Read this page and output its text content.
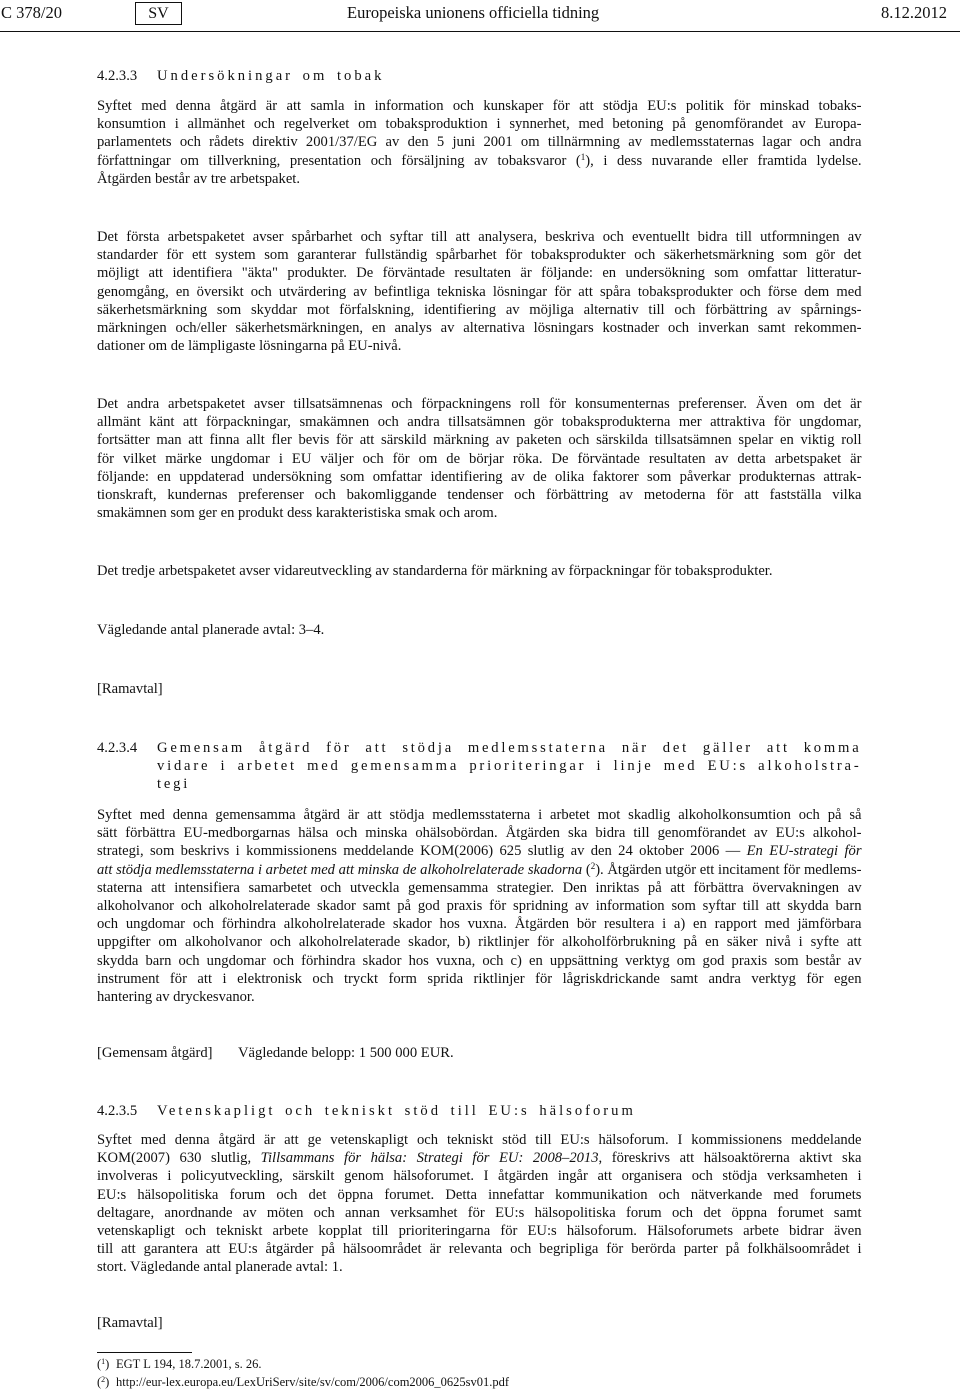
C 378/20	SV	Europeiska unionens officiella tidning	8.12.2012
4.2.3.3 Undersökningar om tobak
Syftet med denna åtgärd är att samla in information och kunskaper för att stödja EU:s politik för minskad tobaks-
konsumtion i allmänhet och regelverket om tobaksproduktion i synnerhet, med betoning på genomförandet av Europa-
parlamentets och rådets direktiv 2001/37/EG av den 5 juni 2001 om tillnärmning av medlemsstaternas lagar och andra
författningar om tillverkning, presentation och försäljning av tobaksvaror ($^1$), i dess nuvarande eller framtida lydelse.
Åtgärden består av tre arbetspaket.
Det första arbetspaketet avser spårbarhet och syftar till att analysera, beskriva och eventuellt bidra till utformningen av
standarder för ett system som garanterar fullständig spårbarhet för tobaksprodukter och säkerhetsmärkning som gör det
möjligt att identifiera "äkta" produkter. De förväntade resultaten är följande: en undersökning som omfattar litteratur-
genomgång, en översikt och utvärdering av befintliga tekniska lösningar för att spåra tobaksprodukter och förse dem med
säkerhetsmärkning som skyddar mot förfalskning, identifiering av möjliga alternativ till och förbättring av spårnings-
märkningen och/eller säkerhetsmärkningen, en analys av alternativa lösningars kostnader och inverkan samt rekommen-
dationer om de lämpligaste lösningarna på EU-nivå.
Det andra arbetspaketet avser tillsatsämnenas och förpackningens roll för konsumenternas preferenser. Även om det är
allmänt känt att förpackningar, smakämnen och andra tillsatsämnen gör tobaksprodukterna mer attraktiva för ungdomar,
fortsätter man att finna allt fler bevis för att särskild märkning av paketen och särskilda tillsatsämnen spelar en viktig roll
för vilket märke ungdomar i EU väljer och för om de börjar röka. De förväntade resultaten av detta arbetspaket är
följande: en uppdaterad undersökning som omfattar identifiering av de olika faktorer som påverkar produkternas attrak-
tionskraft, kundernas preferenser och bakomliggande tendenser och förbättring av metoderna för att fastställa vilka
smakämnen som ger en produkt dess karakteristiska smak och arom.
Det tredje arbetspaketet avser vidareutveckling av standarderna för märkning av förpackningar för tobaksprodukter.
Vägledande antal planerade avtal: 3–4.
[Ramavtal]
4.2.3.4 Gemensam åtgärd för att stödja medlemsstaterna när det gäller att komma
vidare i arbetet med gemensamma prioriteringar i linje med EU:s alkoholstra-
tegi
Syftet med denna gemensamma åtgärd är att stödja medlemsstaterna i arbetet mot skadlig alkoholkonsumtion och på så
sätt förbättra EU-medborgarnas hälsa och minska ohälsobördan. Åtgärden ska bidra till genomförandet av EU:s alkohol-
strategi, som beskrivs i kommissionens meddelande KOM(2006) 625 slutlig av den 24 oktober 2006 — En EU-strategi för
att stödja medlemsstaterna i arbetet med att minska de alkoholrelaterade skadorna ($^2$). Åtgärden utgör ett incitament för medlems-
staterna att intensifiera samarbetet och utveckla gemensamma strategier. Den inriktas på att förbättra övervakningen av
alkoholvanor och alkoholrelaterade skador samt på god praxis för spridning av information som syftar till att skydda barn
och ungdomar och förhindra alkoholrelaterade skador hos vuxna. Åtgärden bör resultera i a) en rapport med jämförbara
uppgifter om alkoholvanor och alkoholrelaterade skador, b) riktlinjer för alkoholförbrukning på en säker nivå i syfte att
skydda barn och ungdomar och förhindra skador hos vuxna, och c) en uppsättning verktyg om god praxis som består av
instrument för att i elektronisk och tryckt form sprida riktlinjer för lågriskdrickande samt andra verktyg för egen
hantering av dryckesvanor.
[Gemensam åtgärd] Vägledande belopp: 1 500 000 EUR.
4.2.3.5 Vetenskapligt och tekniskt stöd till EU:s hälsoforum
Syftet med denna åtgärd är att ge vetenskapligt och tekniskt stöd till EU:s hälsoforum. I kommissionens meddelande
KOM(2007) 630 slutlig, Tillsammans för hälsa: Strategi för EU: 2008–2013, föreskrivs att hälsoaktörerna aktivt ska
involveras i policyutveckling, särskilt genom hälsoforumet. I åtgärden ingår att organisera och stödja verksamheten i
EU:s hälsopolitiska forum och det öppna forumet. Detta innefattar kommunikation och nätverkande med forumets
deltagare, anordnande av möten och annan verksamhet för EU:s hälsopolitiska forum och det öppna forumet samt
vetenskapligt och tekniskt arbete kopplat till prioriteringarna för EU:s hälsoforum. Hälsoforumets arbete bidrar även
till att garantera att EU:s åtgärder på hälsoområdet är relevanta och begripliga för berörda parter på folkhälsoområdet i
stort. Vägledande antal planerade avtal: 1.
[Ramavtal]
($^1$) EGT L 194, 18.7.2001, s. 26.
($^2$) http://eur-lex.europa.eu/LexUriServ/site/sv/com/2006/com2006_0625sv01.pdf
